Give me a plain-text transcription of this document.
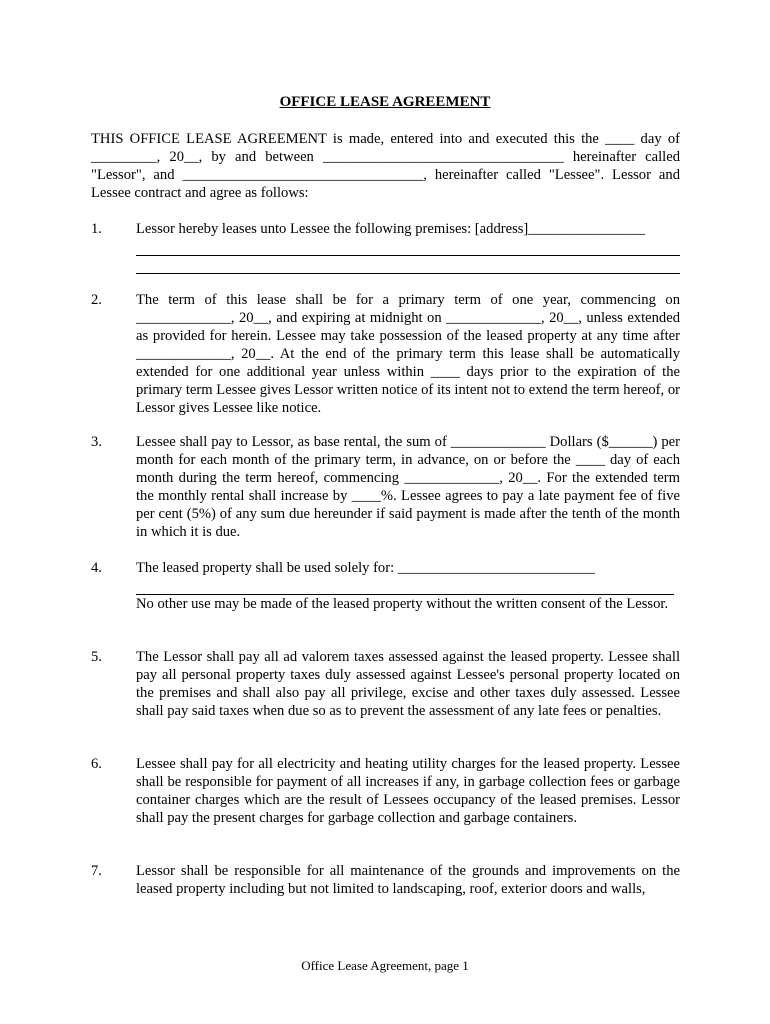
OFFICE LEASE AGREEMENT

THIS OFFICE LEASE AGREEMENT is made, entered into and executed this the ____ day of _________, 20__, by and between _________________________________ hereinafter called "Lessor", and _________________________________, hereinafter called "Lessee". Lessor and Lessee contract and agree as follows:

1.	Lessor hereby leases unto Lessee the following premises: [address]________________

2.	The term of this lease shall be for a primary term of one year, commencing on _____________, 20__, and expiring at midnight on _____________, 20__, unless extended as provided for herein. Lessee may take possession of the leased property at any time after _____________, 20__. At the end of the primary term this lease shall be automatically extended for one additional year unless within ____ days prior to the expiration of the primary term Lessee gives Lessor written notice of its intent not to extend the term hereof, or Lessor gives Lessee like notice.

3.	Lessee shall pay to Lessor, as base rental, the sum of _____________ Dollars ($______) per month for each month of the primary term, in advance, on or before the ____ day of each month during the term hereof, commencing _____________, 20__. For the extended term the monthly rental shall increase by ____%. Lessee agrees to pay a late payment fee of five per cent (5%) of any sum due hereunder if said payment is made after the tenth of the month in which it is due.

4.	The leased property shall be used solely for: ___________________________

No other use may be made of the leased property without the written consent of the Lessor.

5.	The Lessor shall pay all ad valorem taxes assessed against the leased property. Lessee shall pay all personal property taxes duly assessed against Lessee's personal property located on the premises and shall also pay all privilege, excise and other taxes duly assessed. Lessee shall pay said taxes when due so as to prevent the assessment of any late fees or penalties.

6.	Lessee shall pay for all electricity and heating utility charges for the leased property. Lessee shall be responsible for payment of all increases if any, in garbage collection fees or garbage container charges which are the result of Lessees occupancy of the leased premises. Lessor shall pay the present charges for garbage collection and garbage containers.

7.	Lessor shall be responsible for all maintenance of the grounds and improvements on the leased property including but not limited to landscaping, roof, exterior doors and walls,

Office Lease Agreement, page 1
